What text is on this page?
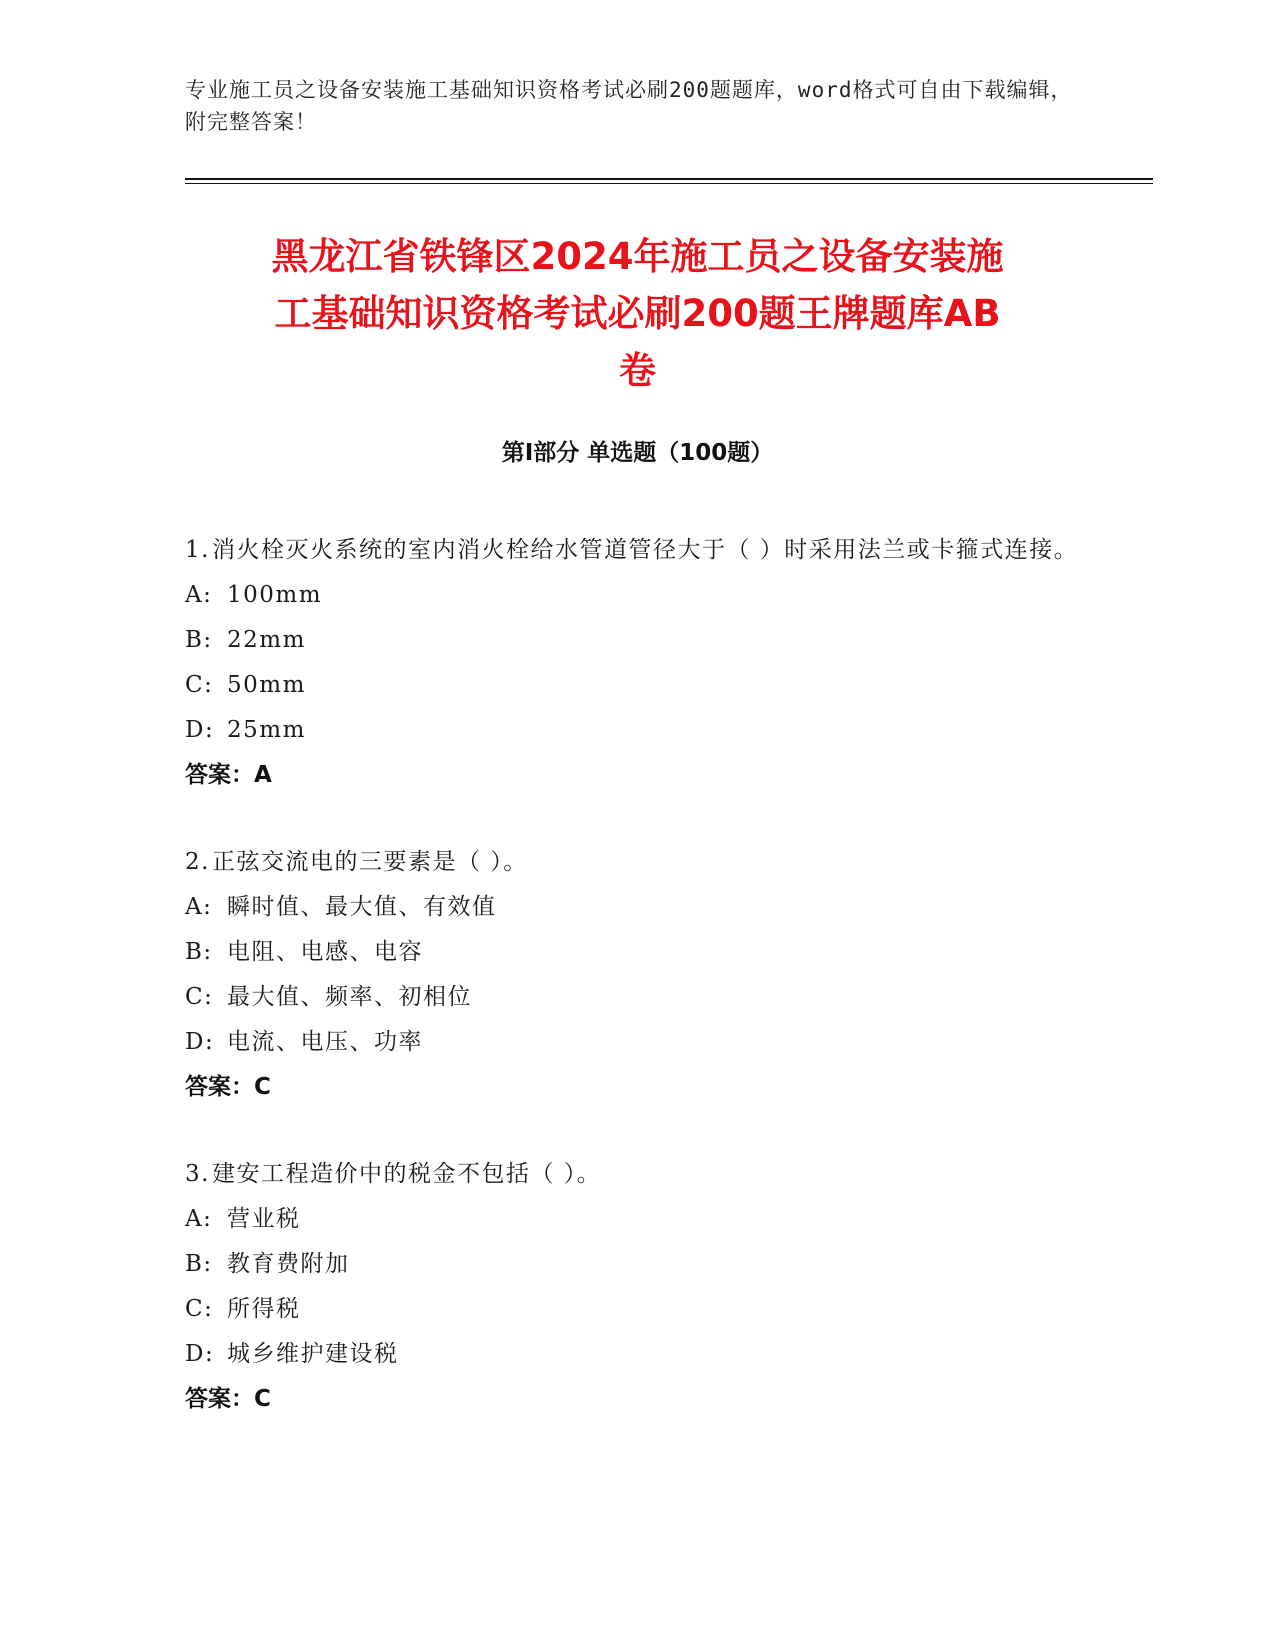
专业施工员之设备安装施工基础知识资格考试必刷200题题库，word格式可自由下载编辑，附完整答案！
黑龙江省铁锋区2024年施工员之设备安装施
工基础知识资格考试必刷200题王牌题库AB
卷
第Ⅰ部分 单选题（100题）
1.消火栓灭火系统的室内消火栓给水管道管径大于（ ）时采用法兰或卡箍式连接。
A: 100mm
B: 22mm
C: 50mm
D: 25mm
答案：A
2.正弦交流电的三要素是（ ）。
A: 瞬时值、最大值、有效值
B: 电阻、电感、电容
C: 最大值、频率、初相位
D: 电流、电压、功率
答案：C
3.建安工程造价中的税金不包括（ ）。
A: 营业税
B: 教育费附加
C: 所得税
D: 城乡维护建设税
答案：C
